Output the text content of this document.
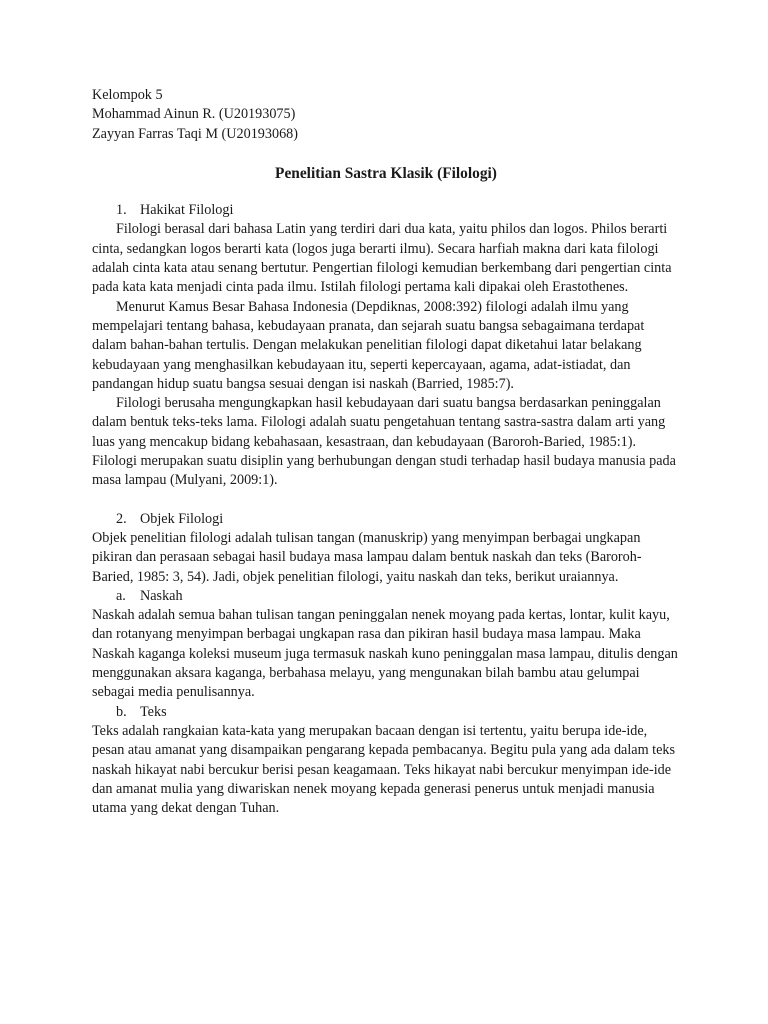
Kelompok 5
Mohammad Ainun R. (U20193075)
Zayyan Farras Taqi M (U20193068)
Penelitian Sastra Klasik (Filologi)
1. Hakikat Filologi
Filologi berasal dari bahasa Latin yang terdiri dari dua kata, yaitu philos dan logos. Philos berarti cinta, sedangkan logos berarti kata (logos juga berarti ilmu). Secara harfiah makna dari kata filologi adalah cinta kata atau senang bertutur. Pengertian filologi kemudian berkembang dari pengertian cinta pada kata kata menjadi cinta pada ilmu. Istilah filologi pertama kali dipakai oleh Erastothenes.
Menurut Kamus Besar Bahasa Indonesia (Depdiknas, 2008:392) filologi adalah ilmu yang mempelajari tentang bahasa, kebudayaan pranata, dan sejarah suatu bangsa sebagaimana terdapat dalam bahan-bahan tertulis. Dengan melakukan penelitian filologi dapat diketahui latar belakang kebudayaan yang menghasilkan kebudayaan itu, seperti kepercayaan, agama, adat-istiadat, dan pandangan hidup suatu bangsa sesuai dengan isi naskah (Barried, 1985:7).
Filologi berusaha mengungkapkan hasil kebudayaan dari suatu bangsa berdasarkan peninggalan dalam bentuk teks-teks lama. Filologi adalah suatu pengetahuan tentang sastra-sastra dalam arti yang luas yang mencakup bidang kebahasaan, kesastraan, dan kebudayaan (Baroroh-Baried, 1985:1). Filologi merupakan suatu disiplin yang berhubungan dengan studi terhadap hasil budaya manusia pada masa lampau (Mulyani, 2009:1).
2. Objek Filologi
Objek penelitian filologi adalah tulisan tangan (manuskrip) yang menyimpan berbagai ungkapan pikiran dan perasaan sebagai hasil budaya masa lampau dalam bentuk naskah dan teks (Baroroh-Baried, 1985: 3, 54). Jadi, objek penelitian filologi, yaitu naskah dan teks, berikut uraiannya.
a. Naskah
Naskah adalah semua bahan tulisan tangan peninggalan nenek moyang pada kertas, lontar, kulit kayu, dan rotanyang menyimpan berbagai ungkapan rasa dan pikiran hasil budaya masa lampau. Maka Naskah kaganga koleksi museum juga termasuk naskah kuno peninggalan masa lampau, ditulis dengan menggunakan aksara kaganga, berbahasa melayu, yang mengunakan bilah bambu atau gelumpai sebagai media penulisannya.
b. Teks
Teks adalah rangkaian kata-kata yang merupakan bacaan dengan isi tertentu, yaitu berupa ide-ide, pesan atau amanat yang disampaikan pengarang kepada pembacanya. Begitu pula yang ada dalam teks naskah hikayat nabi bercukur berisi pesan keagamaan. Teks hikayat nabi bercukur menyimpan ide-ide dan amanat mulia yang diwariskan nenek moyang kepada generasi penerus untuk menjadi manusia utama yang dekat dengan Tuhan.
